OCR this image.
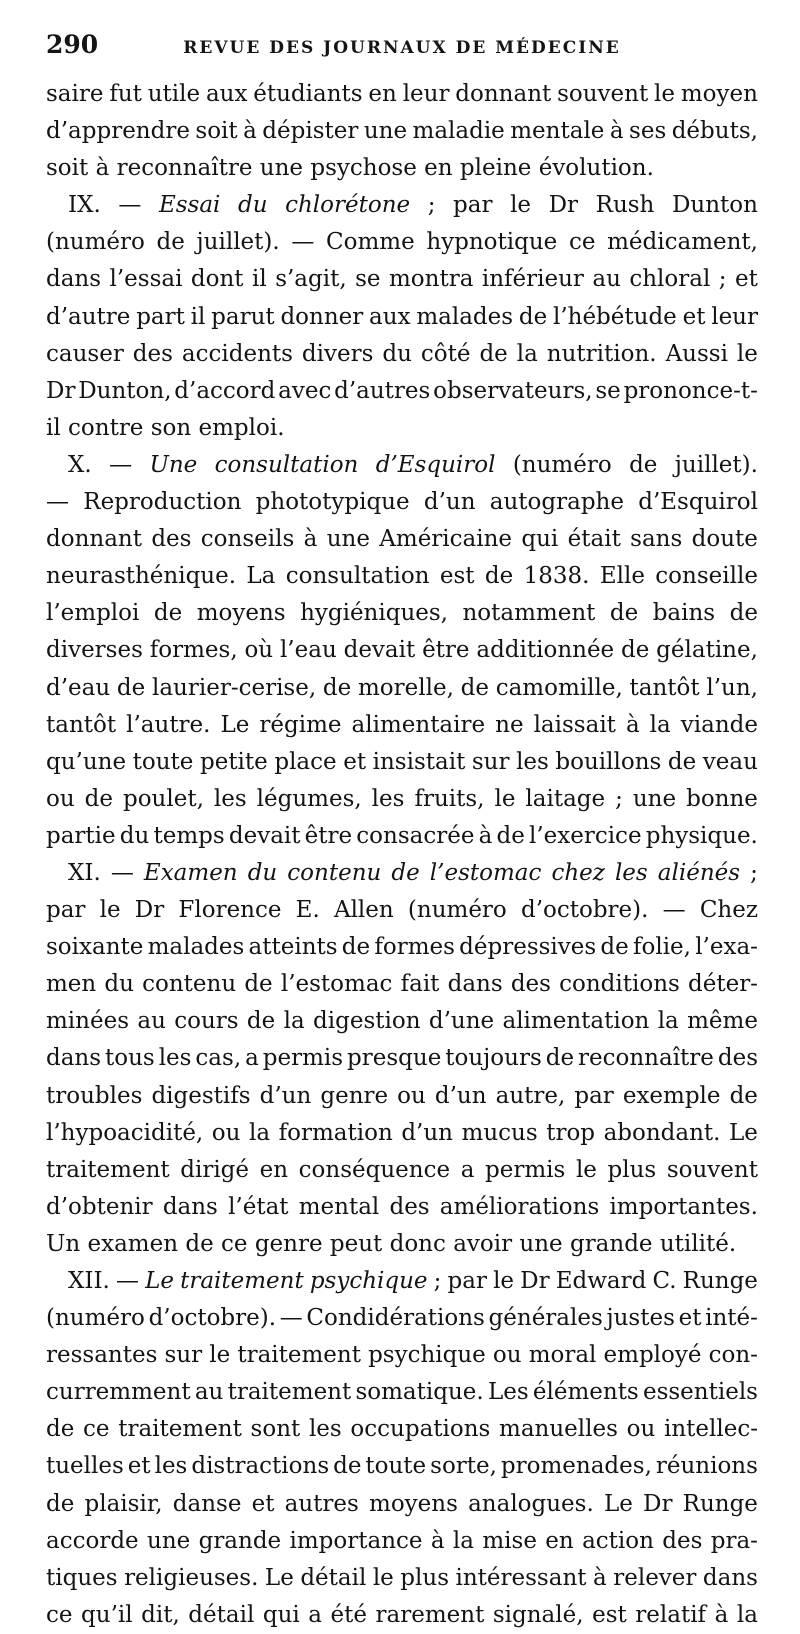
290	REVUE DES JOURNAUX DE MÉDECINE
saire fut utile aux étudiants en leur donnant souvent le moyen
d’apprendre soit à dépister une maladie mentale à ses débuts,
soit
à
reconnaître
une
psychose
en
pleine
évolution.
IX. — Essai du chlorétone ; par le Dr Rush Dunton
(numéro de juillet). — Comme hypnotique ce médicament,
dans l’essai dont il s’agit, se montra inférieur au chloral ; et
d’autre part il parut donner aux malades de l’hébétude et leur
causer des accidents divers du côté de la nutrition. Aussi le
Dr Dunton, d’accord avec d’autres observateurs, se prononce-t-
il
contre
son
emploi.
X. — Une consultation d’Esquirol (numéro de juillet).
— Reproduction phototypique d’un autographe d’Esquirol
donnant des conseils à une Américaine qui était sans doute
neurasthénique. La consultation est de 1838. Elle conseille
l’emploi de moyens hygiéniques, notamment de bains de
diverses formes, où l’eau devait être additionnée de gélatine,
d’eau de laurier-cerise, de morelle, de camomille, tantôt l’un,
tantôt l’autre. Le régime alimentaire ne laissait à la viande
qu’une toute petite place et insistait sur les bouillons de veau
ou de poulet, les légumes, les fruits, le laitage ; une bonne
partie du temps devait être consacrée à de l’exercice physique.
XI. — Examen du contenu de l’estomac chez les aliénés ;
par le Dr Florence E. Allen (numéro d’octobre). — Chez
soixante malades atteints de formes dépressives de folie, l’exa-
men du contenu de l’estomac fait dans des conditions déter-
minées au cours de la digestion d’une alimentation la même
dans tous les cas, a permis presque toujours de reconnaître des
troubles digestifs d’un genre ou d’un autre, par exemple de
l’hypoacidité, ou la formation d’un mucus trop abondant. Le
traitement dirigé en conséquence a permis le plus souvent
d’obtenir dans l’état mental des améliorations importantes.
Un
examen
de
ce
genre
peut
donc
avoir
une
grande
utilité.
XII. — Le traitement psychique ; par le Dr Edward C. Runge
(numéro d’octobre). — Condidérations générales justes et inté-
ressantes sur le traitement psychique ou moral employé con-
curremment au traitement somatique. Les éléments essentiels
de ce traitement sont les occupations manuelles ou intellec-
tuelles et les distractions de toute sorte, promenades, réunions
de plaisir, danse et autres moyens analogues. Le Dr Runge
accorde une grande importance à la mise en action des pra-
tiques religieuses. Le détail le plus intéressant à relever dans
ce qu’il dit, détail qui a été rarement signalé, est relatif à la
